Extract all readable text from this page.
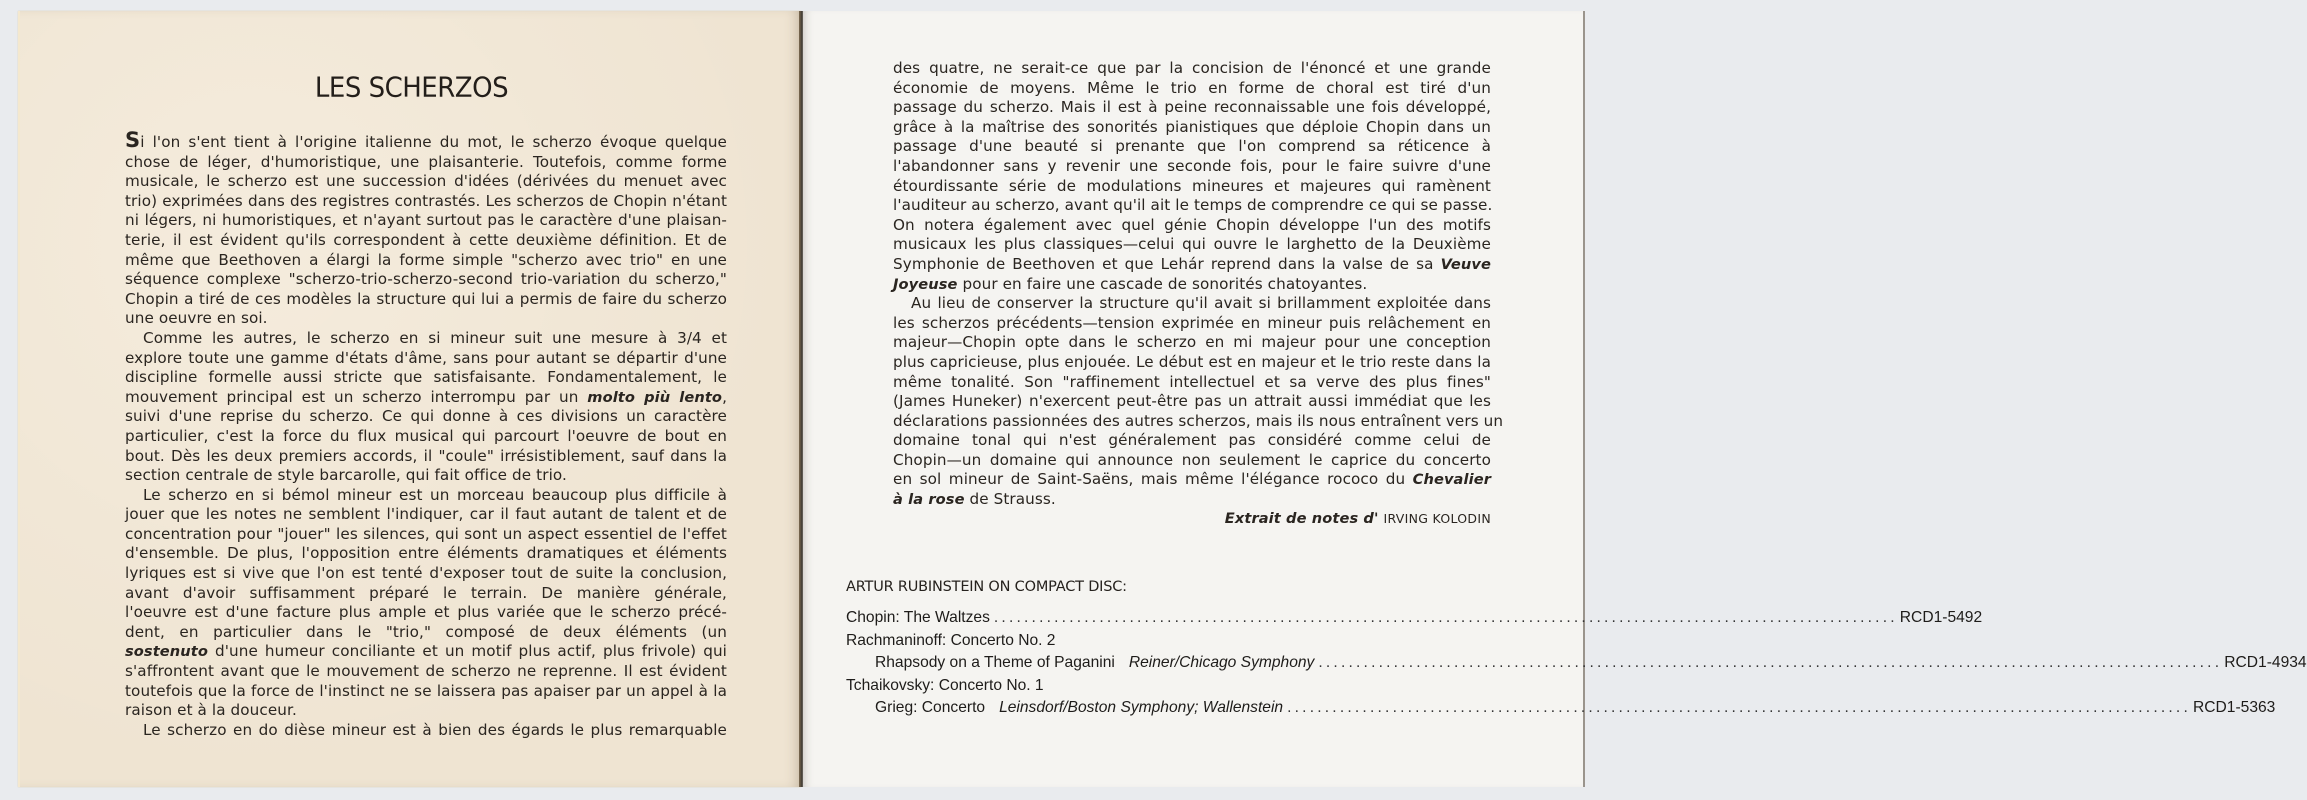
LES SCHERZOS
Si l'on s'ent tient à l'origine italienne du mot, le scherzo évoque quelque
chose de léger, d'humoristique, une plaisanterie. Toutefois, comme forme
musicale, le scherzo est une succession d'idées (dérivées du menuet avec
trio) exprimées dans des registres contrastés. Les scherzos de Chopin n'étant
ni légers, ni humoristiques, et n'ayant surtout pas le caractère d'une plaisan-
terie, il est évident qu'ils correspondent à cette deuxième définition. Et de
même que Beethoven a élargi la forme simple "scherzo avec trio" en une
séquence complexe "scherzo-trio-scherzo-second trio-variation du scherzo,"
Chopin a tiré de ces modèles la structure qui lui a permis de faire du scherzo
une oeuvre en soi.
Comme les autres, le scherzo en si mineur suit une mesure à 3/4 et
explore toute une gamme d'états d'âme, sans pour autant se départir d'une
discipline formelle aussi stricte que satisfaisante. Fondamentalement, le
mouvement principal est un scherzo interrompu par un molto più lento,
suivi d'une reprise du scherzo. Ce qui donne à ces divisions un caractère
particulier, c'est la force du flux musical qui parcourt l'oeuvre de bout en
bout. Dès les deux premiers accords, il "coule" irrésistiblement, sauf dans la
section centrale de style barcarolle, qui fait office de trio.
Le scherzo en si bémol mineur est un morceau beaucoup plus difficile à
jouer que les notes ne semblent l'indiquer, car il faut autant de talent et de
concentration pour "jouer" les silences, qui sont un aspect essentiel de l'effet
d'ensemble. De plus, l'opposition entre éléments dramatiques et éléments
lyriques est si vive que l'on est tenté d'exposer tout de suite la conclusion,
avant d'avoir suffisamment préparé le terrain. De manière générale,
l'oeuvre est d'une facture plus ample et plus variée que le scherzo précé-
dent, en particulier dans le "trio," composé de deux éléments (un
sostenuto d'une humeur conciliante et un motif plus actif, plus frivole) qui
s'affrontent avant que le mouvement de scherzo ne reprenne. Il est évident
toutefois que la force de l'instinct ne se laissera pas apaiser par un appel à la
raison et à la douceur.
Le scherzo en do dièse mineur est à bien des égards le plus remarquable
des quatre, ne serait-ce que par la concision de l'énoncé et une grande
économie de moyens. Même le trio en forme de choral est tiré d'un
passage du scherzo. Mais il est à peine reconnaissable une fois développé,
grâce à la maîtrise des sonorités pianistiques que déploie Chopin dans un
passage d'une beauté si prenante que l'on comprend sa réticence à
l'abandonner sans y revenir une seconde fois, pour le faire suivre d'une
étourdissante série de modulations mineures et majeures qui ramènent
l'auditeur au scherzo, avant qu'il ait le temps de comprendre ce qui se passe.
On notera également avec quel génie Chopin développe l'un des motifs
musicaux les plus classiques—celui qui ouvre le larghetto de la Deuxième
Symphonie de Beethoven et que Lehár reprend dans la valse de sa Veuve
Joyeuse pour en faire une cascade de sonorités chatoyantes.
Au lieu de conserver la structure qu'il avait si brillamment exploitée dans
les scherzos précédents—tension exprimée en mineur puis relâchement en
majeur—Chopin opte dans le scherzo en mi majeur pour une conception
plus capricieuse, plus enjouée. Le début est en majeur et le trio reste dans la
même tonalité. Son "raffinement intellectuel et sa verve des plus fines"
(James Huneker) n'exercent peut-être pas un attrait aussi immédiat que les
déclarations passionnées des autres scherzos, mais ils nous entraînent vers un
domaine tonal qui n'est généralement pas considéré comme celui de
Chopin—un domaine qui announce non seulement le caprice du concerto
en sol mineur de Saint-Saëns, mais même l'élégance rococo du Chevalier
à la rose de Strauss.
Extrait de notes d' IRVING KOLODIN
ARTUR RUBINSTEIN ON COMPACT DISC:
Chopin: The Waltzes ........................................................................................................................ RCD1-5492
Rachmaninoff: Concerto No. 2
Rhapsody on a Theme of Paganini Reiner/Chicago Symphony ........................................................................................................................ RCD1-4934
Tchaikovsky: Concerto No. 1
Grieg: Concerto Leinsdorf/Boston Symphony; Wallenstein ........................................................................................................................ RCD1-5363
